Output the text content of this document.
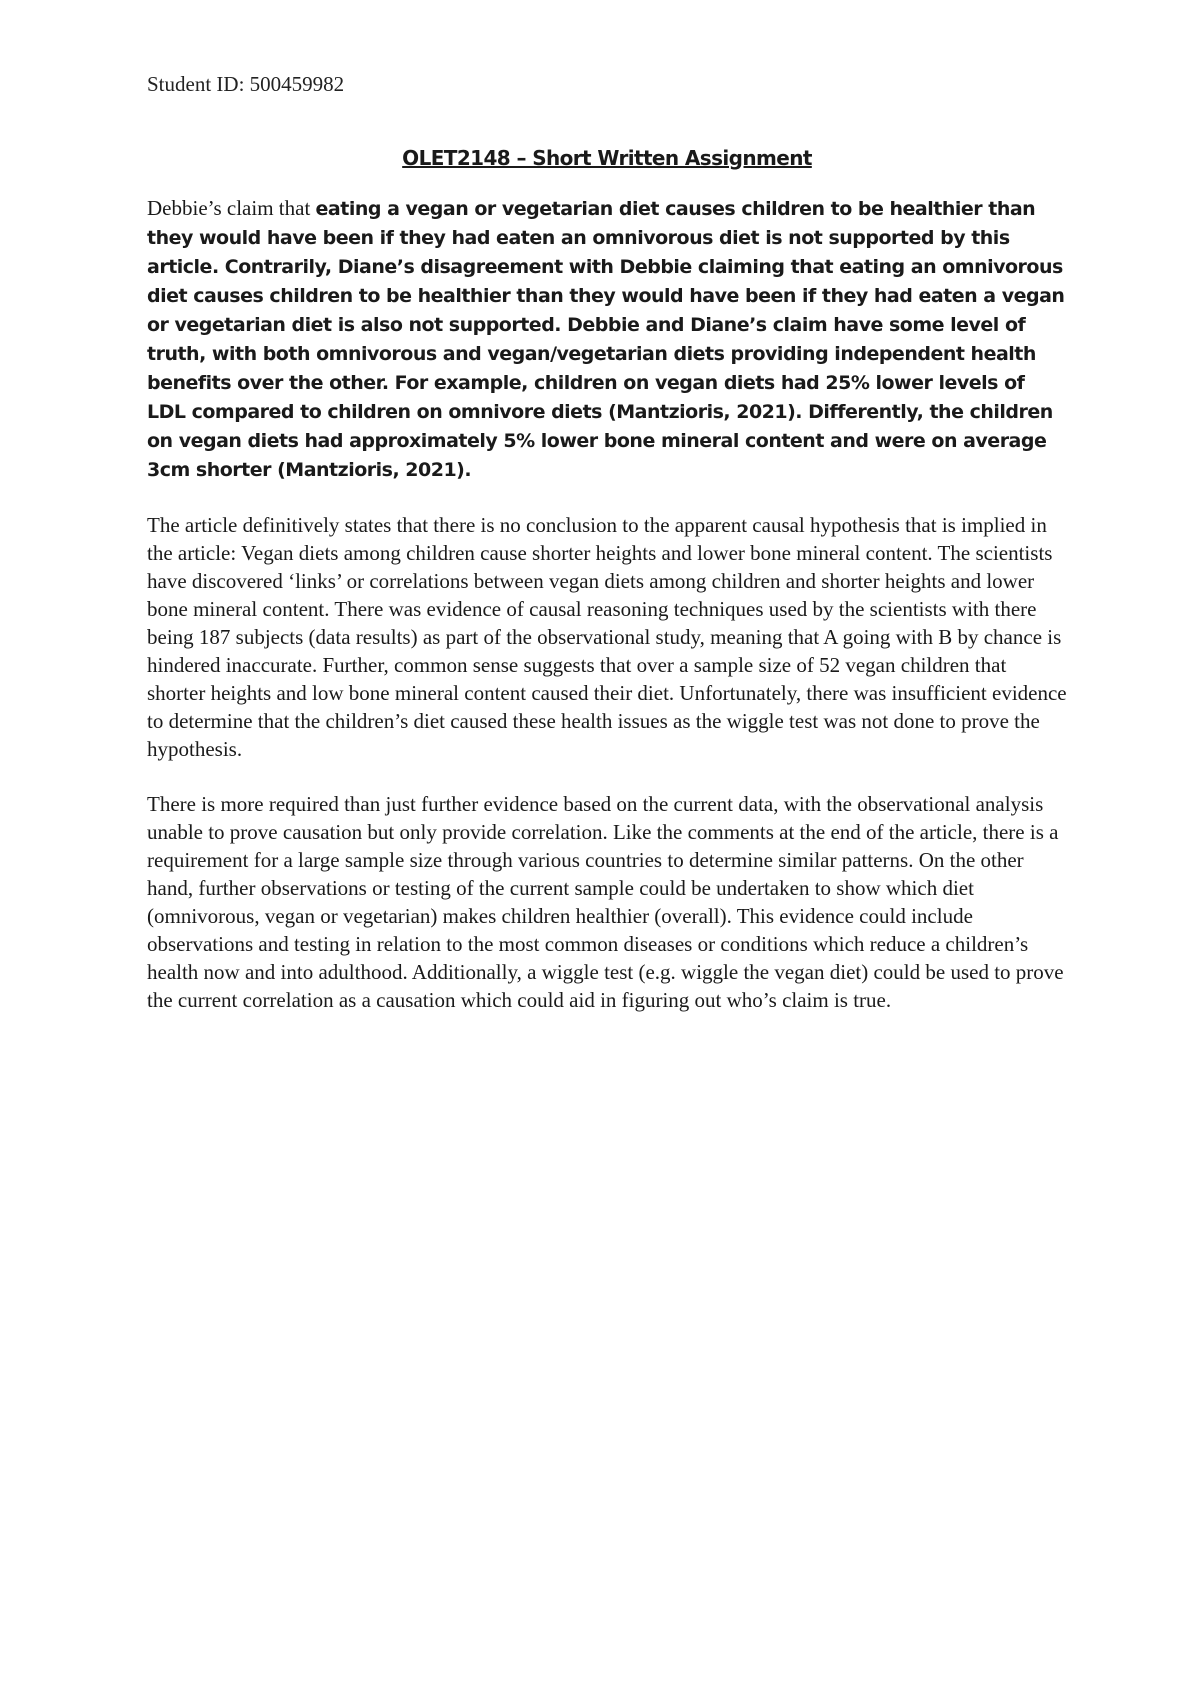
Student ID: 500459982

OLET2148 – Short Written Assignment

Debbie’s claim that eating a vegan or vegetarian diet causes children to be healthier than they would have been if they had eaten an omnivorous diet is not supported by this article. Contrarily, Diane’s disagreement with Debbie claiming that eating an omnivorous diet causes children to be healthier than they would have been if they had eaten a vegan or vegetarian diet is also not supported. Debbie and Diane’s claim have some level of truth, with both omnivorous and vegan/vegetarian diets providing independent health benefits over the other. For example, children on vegan diets had 25% lower levels of LDL compared to children on omnivore diets (Mantzioris, 2021). Differently, the children on vegan diets had approximately 5% lower bone mineral content and were on average 3cm shorter (Mantzioris, 2021).

The article definitively states that there is no conclusion to the apparent causal hypothesis that is implied in the article: Vegan diets among children cause shorter heights and lower bone mineral content. The scientists have discovered ‘links’ or correlations between vegan diets among children and shorter heights and lower bone mineral content. There was evidence of causal reasoning techniques used by the scientists with there being 187 subjects (data results) as part of the observational study, meaning that A going with B by chance is hindered inaccurate. Further, common sense suggests that over a sample size of 52 vegan children that shorter heights and low bone mineral content caused their diet. Unfortunately, there was insufficient evidence to determine that the children’s diet caused these health issues as the wiggle test was not done to prove the hypothesis.

There is more required than just further evidence based on the current data, with the observational analysis unable to prove causation but only provide correlation. Like the comments at the end of the article, there is a requirement for a large sample size through various countries to determine similar patterns. On the other hand, further observations or testing of the current sample could be undertaken to show which diet (omnivorous, vegan or vegetarian) makes children healthier (overall). This evidence could include observations and testing in relation to the most common diseases or conditions which reduce a children’s health now and into adulthood. Additionally, a wiggle test (e.g. wiggle the vegan diet) could be used to prove the current correlation as a causation which could aid in figuring out who’s claim is true.
